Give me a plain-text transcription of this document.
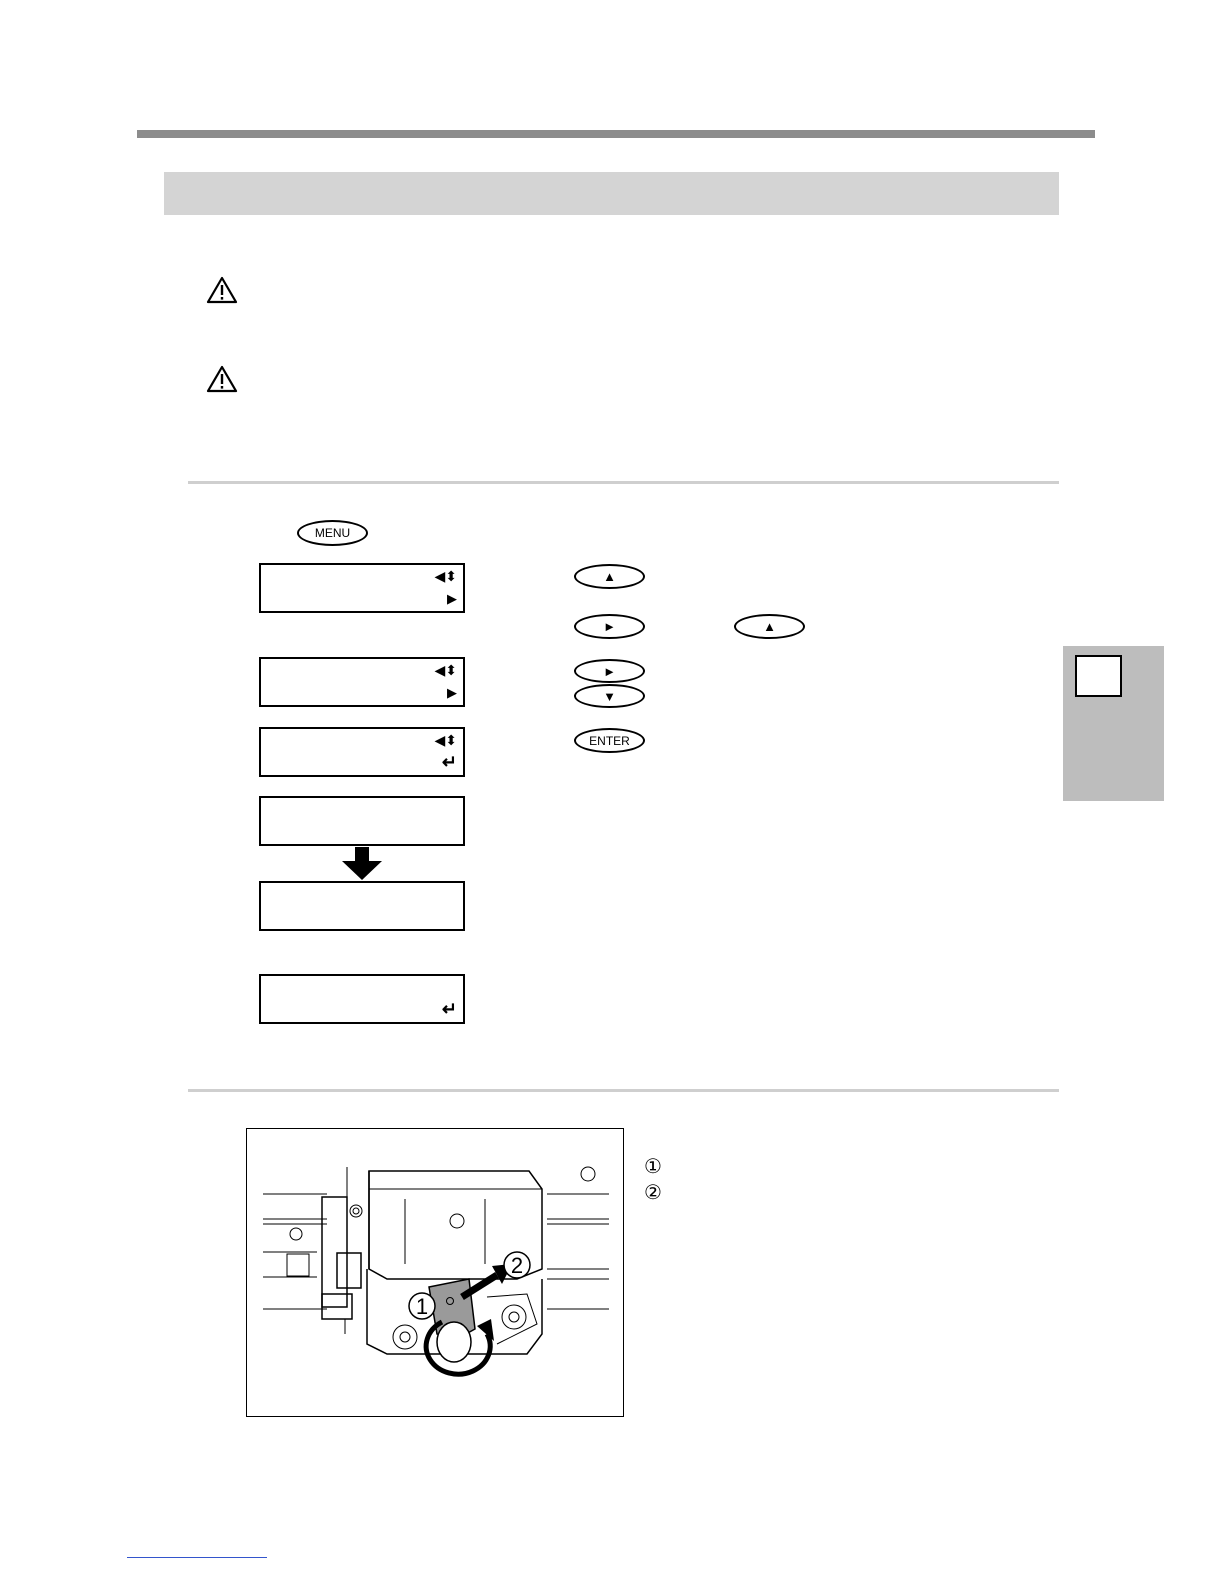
MENU
◀⬍
▶
◀⬍
▶
◀⬍
↵
↵
▲
►	▲
►
▼
ENTER
1
2
①
②
